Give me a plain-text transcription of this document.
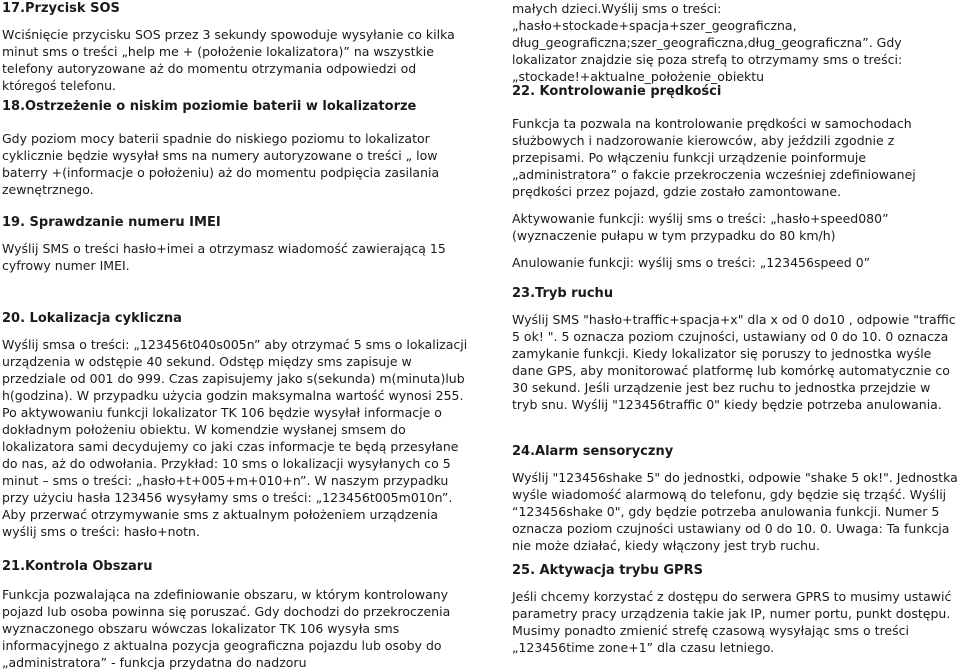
17.Przycisk SOS

Wciśnięcie przycisku SOS przez 3 sekundy spowoduje wysyłanie co kilka minut sms o treści „help me + (położenie lokalizatora)” na wszystkie telefony autoryzowane aż do momentu otrzymania odpowiedzi od któregoś telefonu.

18.Ostrzeżenie o niskim poziomie baterii w lokalizatorze

Gdy poziom mocy baterii spadnie do niskiego poziomu to lokalizator cyklicznie będzie wysyłał sms na numery autoryzowane o treści „ low baterry +(informacje o położeniu) aż do momentu podpięcia zasilania zewnętrznego.

19. Sprawdzanie numeru IMEI

Wyślij SMS o treści hasło+imei a otrzymasz wiadomość zawierającą 15 cyfrowy numer IMEI.

20. Lokalizacja cykliczna

Wyślij smsa o treści: „123456t040s005n” aby otrzymać 5 sms o lokalizacji urządzenia w odstępie 40 sekund. Odstęp między sms zapisuje w przedziale od 001 do 999. Czas zapisujemy jako s(sekunda) m(minuta)lub h(godzina). W przypadku użycia godzin maksymalna wartość wynosi 255. Po aktywowaniu funkcji lokalizator TK 106 będzie wysyłał informacje o dokładnym położeniu obiektu. W komendzie wysłanej smsem do lokalizatora sami decydujemy co jaki czas informacje te będą przesyłane do nas, aż do odwołania. Przykład: 10 sms o lokalizacji wysyłanych co 5 minut – sms o treści: „hasło+t+005+m+010+n”. W naszym przypadku przy użyciu hasła 123456 wysyłamy sms o treści: „123456t005m010n”. Aby przerwać otrzymywanie sms z aktualnym położeniem urządzenia wyślij sms o treści: hasło+notn.

21.Kontrola Obszaru

Funkcja pozwalająca na zdefiniowanie obszaru, w którym kontrolowany pojazd lub osoba powinna się poruszać. Gdy dochodzi do przekroczenia wyznaczonego obszaru wówczas lokalizator TK 106 wysyła sms informacyjnego z aktualna pozycja geograficzna pojazdu lub osoby do „administratora” - funkcja przydatna do nadzoru

małych dzieci.Wyślij sms o treści:„hasło+stockade+spacja+szer_geograficzna, dług_geograficzna;szer_geograficzna,dług_geograficzna”. Gdy lokalizator znajdzie się poza strefą to otrzymamy sms o treści: „stockade!+aktualne_położenie_obiektu

22. Kontrolowanie prędkości

Funkcja ta pozwala na kontrolowanie prędkości w samochodach służbowych i nadzorowanie kierowców, aby jeździli zgodnie z przepisami. Po włączeniu funkcji urządzenie poinformuje „administratora” o fakcie przekroczenia wcześniej zdefiniowanej prędkości przez pojazd, gdzie zostało zamontowane.

Aktywowanie funkcji: wyślij sms o treści: „hasło+speed080” (wyznaczenie pułapu w tym przypadku do 80 km/h)

Anulowanie funkcji: wyślij sms o treści: „123456speed 0”

23.Tryb ruchu

Wyślij SMS "hasło+traffic+spacja+x" dla x od 0 do10 , odpowie "traffic 5 ok! ". 5 oznacza poziom czujności, ustawiany od 0 do 10. 0 oznacza zamykanie funkcji. Kiedy lokalizator się poruszy to jednostka wyśle dane GPS, aby monitorować platformę lub komórkę automatycznie co 30 sekund. Jeśli urządzenie jest bez ruchu to jednostka przejdzie w tryb snu. Wyślij "123456traffic 0" kiedy będzie potrzeba anulowania.

24.Alarm sensoryczny

Wyślij "123456shake 5" do jednostki, odpowie "shake 5 ok!". Jednostka wyśle wiadomość alarmową do telefonu, gdy będzie się trząść. Wyślij “123456shake 0", gdy będzie potrzeba anulowania funkcji. Numer 5 oznacza poziom czujności ustawiany od 0 do 10. 0. Uwaga: Ta funkcja nie może działać, kiedy włączony jest tryb ruchu.

25. Aktywacja trybu GPRS

Jeśli chcemy korzystać z dostępu do serwera GPRS to musimy ustawić parametry pracy urządzenia takie jak IP, numer portu, punkt dostępu. Musimy ponadto zmienić strefę czasową wysyłając sms o treści „123456time zone+1” dla czasu letniego.
